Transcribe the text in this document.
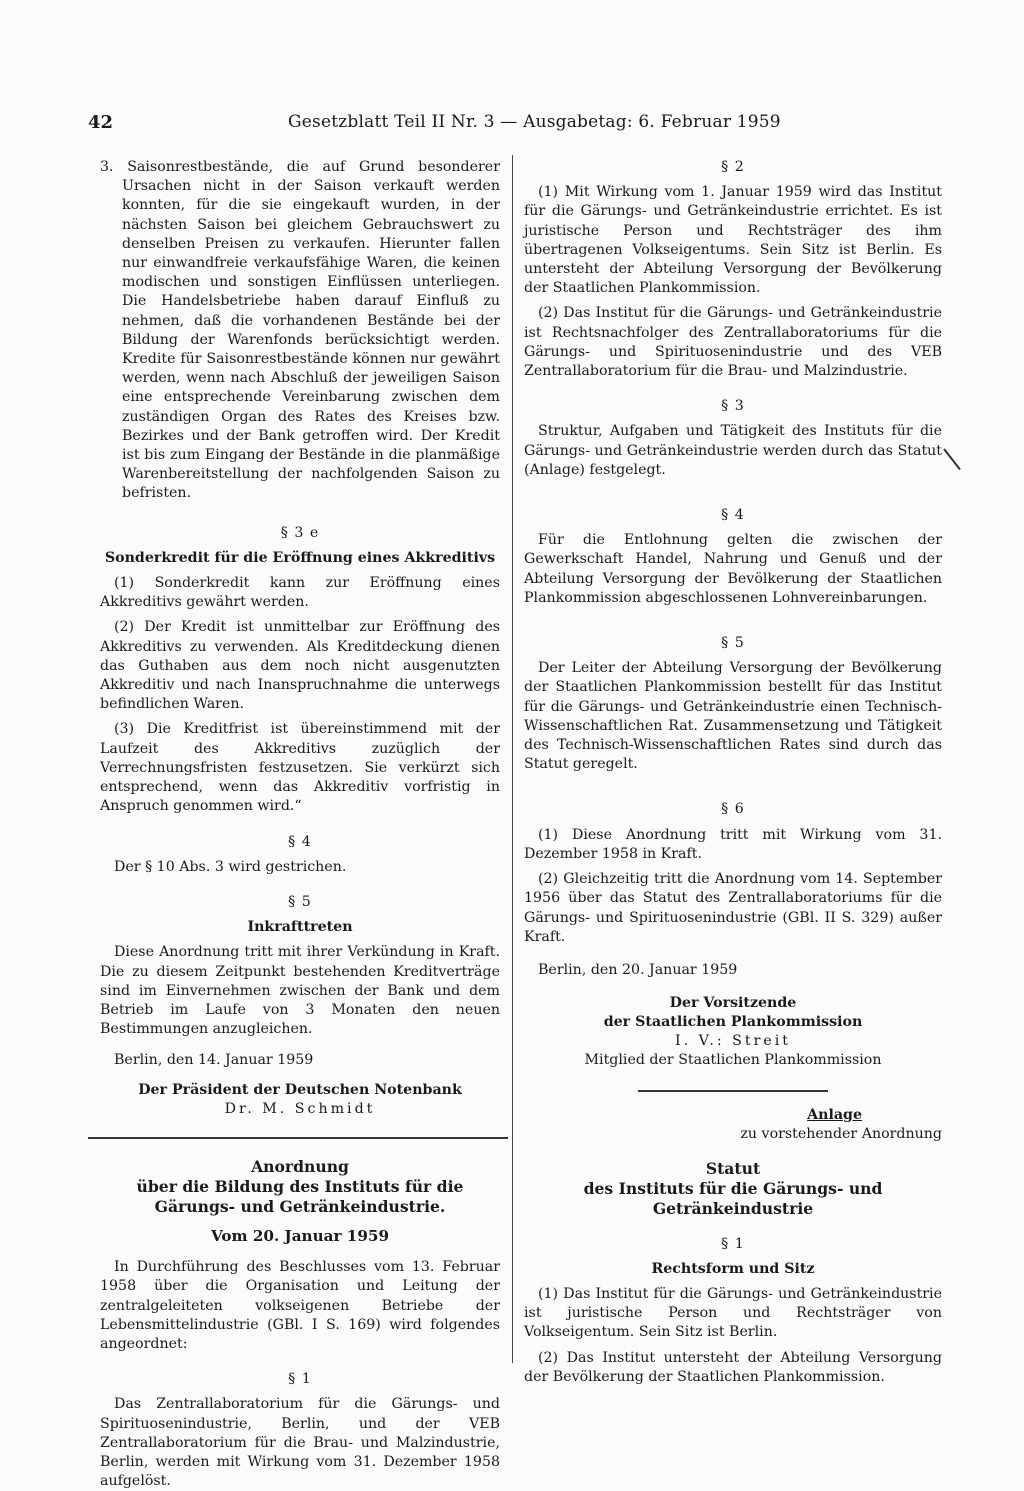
42	Gesetzblatt Teil II Nr. 3 — Ausgabetag: 6. Februar 1959

3. Saisonrestbestände, die auf Grund besonderer Ursachen nicht in der Saison verkauft werden konnten, für die sie eingekauft wurden, in der nächsten Saison bei gleichem Gebrauchswert zu denselben Preisen zu verkaufen. Hierunter fallen nur einwandfreie verkaufsfähige Waren, die keinen modischen und sonstigen Einflüssen unterliegen. Die Handelsbetriebe haben darauf Einfluß zu nehmen, daß die vorhandenen Bestände bei der Bildung der Warenfonds berücksichtigt werden. Kredite für Saisonrestbestände können nur gewährt werden, wenn nach Abschluß der jeweiligen Saison eine entsprechende Vereinbarung zwischen dem zuständigen Organ des Rates des Kreises bzw. Bezirkes und der Bank getroffen wird. Der Kredit ist bis zum Eingang der Bestände in die planmäßige Warenbereitstellung der nachfolgenden Saison zu befristen.

§ 3 e
Sonderkredit für die Eröffnung eines Akkreditivs

(1) Sonderkredit kann zur Eröffnung eines Akkreditivs gewährt werden.

(2) Der Kredit ist unmittelbar zur Eröffnung des Akkreditivs zu verwenden. Als Kreditdeckung dienen das Guthaben aus dem noch nicht ausgenutzten Akkreditiv und nach Inanspruchnahme die unterwegs befindlichen Waren.

(3) Die Kreditfrist ist übereinstimmend mit der Laufzeit des Akkreditivs zuzüglich der Verrechnungsfristen festzusetzen. Sie verkürzt sich entsprechend, wenn das Akkreditiv vorfristig in Anspruch genommen wird.“

§ 4

Der § 10 Abs. 3 wird gestrichen.

§ 5
Inkrafttreten

Diese Anordnung tritt mit ihrer Verkündung in Kraft. Die zu diesem Zeitpunkt bestehenden Kreditverträge sind im Einvernehmen zwischen der Bank und dem Betrieb im Laufe von 3 Monaten den neuen Bestimmungen anzugleichen.

Berlin, den 14. Januar 1959

Der Präsident der Deutschen Notenbank
Dr. M. Schmidt
Anordnung
über die Bildung des Instituts für die
Gärungs- und Getränkeindustrie.
Vom 20. Januar 1959

In Durchführung des Beschlusses vom 13. Februar 1958 über die Organisation und Leitung der zentralgeleiteten volkseigenen Betriebe der Lebensmittelindustrie (GBl. I S. 169) wird folgendes angeordnet:

§ 1

Das Zentrallaboratorium für die Gärungs- und Spirituosenindustrie, Berlin, und der VEB Zentrallaboratorium für die Brau- und Malzindustrie, Berlin, werden mit Wirkung vom 31. Dezember 1958 aufgelöst.

§ 2

(1) Mit Wirkung vom 1. Januar 1959 wird das Institut für die Gärungs- und Getränkeindustrie errichtet. Es ist juristische Person und Rechtsträger des ihm übertragenen Volkseigentums. Sein Sitz ist Berlin. Es untersteht der Abteilung Versorgung der Bevölkerung der Staatlichen Plankommission.

(2) Das Institut für die Gärungs- und Getränkeindustrie ist Rechtsnachfolger des Zentrallaboratoriums für die Gärungs- und Spirituosenindustrie und des VEB Zentrallaboratorium für die Brau- und Malzindustrie.

§ 3

Struktur, Aufgaben und Tätigkeit des Instituts für die Gärungs- und Getränkeindustrie werden durch das Statut (Anlage) festgelegt.

§ 4

Für die Entlohnung gelten die zwischen der Gewerkschaft Handel, Nahrung und Genuß und der Abteilung Versorgung der Bevölkerung der Staatlichen Plankommission abgeschlossenen Lohnvereinbarungen.

§ 5

Der Leiter der Abteilung Versorgung der Bevölkerung der Staatlichen Plankommission bestellt für das Institut für die Gärungs- und Getränkeindustrie einen Technisch-Wissenschaftlichen Rat. Zusammensetzung und Tätigkeit des Technisch-Wissenschaftlichen Rates sind durch das Statut geregelt.

§ 6

(1) Diese Anordnung tritt mit Wirkung vom 31. Dezember 1958 in Kraft.

(2) Gleichzeitig tritt die Anordnung vom 14. September 1956 über das Statut des Zentrallaboratoriums für die Gärungs- und Spirituosenindustrie (GBl. II S. 329) außer Kraft.

Berlin, den 20. Januar 1959

Der Vorsitzende
der Staatlichen Plankommission
I. V.: Streit
Mitglied der Staatlichen Plankommission
Anlage
zu vorstehender Anordnung
Statut
des Instituts für die Gärungs- und
Getränkeindustrie
§ 1
Rechtsform und Sitz

(1) Das Institut für die Gärungs- und Getränkeindustrie ist juristische Person und Rechtsträger von Volkseigentum. Sein Sitz ist Berlin.

(2) Das Institut untersteht der Abteilung Versorgung der Bevölkerung der Staatlichen Plankommission.
